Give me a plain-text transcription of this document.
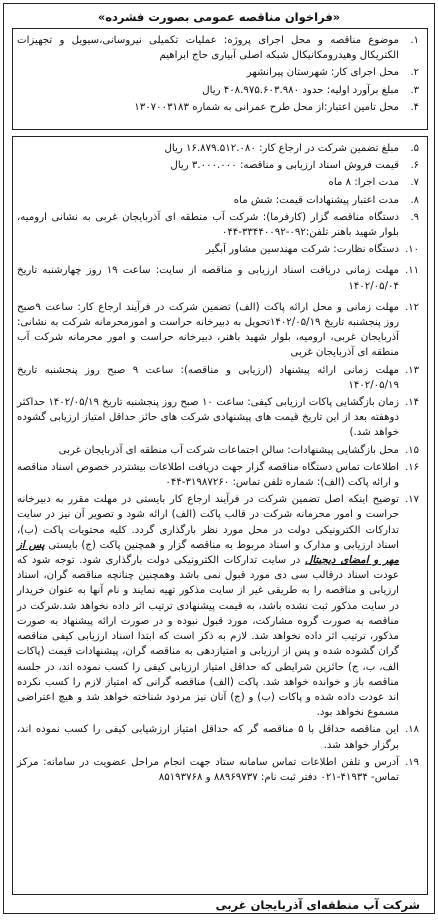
«فراخوان مناقصه عمومی بصورت فشرده»
۱.
موضوع مناقصه و محل اجرای پروژه: عملیات تکمیلی نیروسانی،سیویل و تجهیزات الکتریکال وهیدرومکانیکال شبکه اصلی آبیاری حاج ابراهیم
۲.
محل اجرای کار: شهرستان پیرانشهر
۳.
مبلغ برآورد اولیه: حدود ۴۰۸.۹۷۵.۶۰۳.۹۸۰ ریال
۴.
محل تامین اعتبار:از محل طرح عمرانی به شماره ۱۳۰۷۰۰۳۱۸۳
۵.
مبلغ تضمین شرکت در ارجاع کار: ۱۶.۸۷۹.۵۱۲.۰۸۰ ریال
۶.
قیمت فروش اسناد ارزیابی و مناقصه: ۳.۰۰۰.۰۰۰ ریال
۷.
مدت اجرا: ۸ ماه
۸.
مدت اعتبار پیشنهادات قیمت: شش ماه
۹.
دستگاه مناقصه گزار (کارفرما): شرکت آب منطقه ای آذربایجان غربی به نشانی ارومیه، بلوار شهید باهنر تلفن:۰۹۲-۳۳۴۴۰۰۹۲-۰۴۴
۱۰.
دستگاه نظارت: شرکت مهندسین مشاور آبگیر
۱۱.
مهلت زمانی دریافت اسناد ارزیابی و مناقصه از سایت: ساعت ۱۹ روز چهارشنبه تاریخ ۱۴۰۲/۰۵/۰۴
۱۲.
مهلت زمانی و محل ارائه پاکت (الف) تضمین شرکت در فرآیند ارجاع کار: ساعت ۹صبح روز پنجشنبه تاریخ ۱۴۰۲/۰۵/۱۹تحویل به دبیرخانه حراست و امورمحرمانه شرکت به نشانی: آذربایجان غربی، ارومیه، بلوار شهید باهنر، دبیرخانه حراست و امور محرمانه شرکت آب منطقه ای آذربایجان غربی
۱۳.
مهلت زمانی ارائه پیشنهاد (ارزیابی و مناقصه): ساعت ۹ صبح روز پنجشنبه تاریخ ۱۴۰۲/۰۵/۱۹
۱۴.
زمان بازگشایی پاکات ارزیابی کیفی: ساعت ۱۰ صبح روز پنجشنبه تاریخ ۱۴۰۲/۰۵/۱۹ حداکثر دوهفته بعد از این تاریخ قیمت های پیشنهادی شرکت های حائز حداقل امتیاز ارزیابی گشوده خواهد شد.)
۱۵.
محل بازگشایی پیشنهادات: سالن اجتماعات شرکت آب منطقه ای آذربایجان غربی
۱۶.
اطلاعات تماس دستگاه مناقصه گزار جهت دریافت اطلاعات بیشتردر خصوص اسناد مناقصه و ارائه پاکت (الف): شماره تلفن تماس: ۳۱۹۸۷۲۶۰-۰۴۴
۱۷.
توضیح اینکه اصل تضمین شرکت در فرآیند ارجاع کار بایستی در مهلت مقرر به دبیرخانه حراست و امور محرمانه شرکت در قالب پاکت (الف) ارائه شود و تصویر آن نیز در سایت تدارکات الکترونیکی دولت در محل مورد نظر بارگذاری گردد. کلیه محتویات پاکت (ب)، اسناد ارزیابی و مدارک و اسناد مربوط به مناقصه گزار و همچنین پاکت (ج) بایستی پس از مهر و امضای دیجیتال در سایت تدارکات الکترونیکی دولت بارگذاری شود. توجه شود که عودت اسناد درقالب سی دی مورد قبول نمی باشد وهمچنین چنانچه مناقصه گران، اسناد ارزیابی و مناقصه را به طریقی غیر از سایت مذکور تهیه نمایند و نام آنها به عنوان خریدار در سایت مذکور ثبت نشده باشد، به قیمت پیشنهادی ترتیب اثر داده نخواهد شد.شرکت در مناقصه به صورت گروه مشارکت، مورد قبول نبوده و در صورت ارائه پیشنهاد به صورت مذکور، ترتیب اثر داده نخواهد شد. لازم به ذکر است که ابتدا اسناد ارزیابی کیفی مناقصه گران گشوده شده و پس از ارزیابی و امتیازدهی به مناقصه گران، پیشنهادات قیمت (پاکات الف، ب، ج) حائزین شرایطی که حداقل امتیاز ارزیابی کیفی را کسب نموده اند، در جلسه مناقصه باز و خوانده خواهد شد. پاکت (الف) مناقصه گرانی که امتیاز لازم را کسب نکرده اند عودت داده شده و پاکات (ب) و (ج) آنان نیز مردود شناخته خواهد شد و هیچ اعتراضی مسموع نخواهد بود.
۱۸.
این مناقصه حداقل با ۵ مناقصه گر که حداقل امتیاز ارزشیابی کیفی را کسب نموده اند، برگزار خواهد شد.
۱۹.
آدرس و تلفن اطلاعات تماس سامانه ستاد جهت انجام مراحل عضویت در سامانه: مرکز تماس- ۴۱۹۳۴-۰۲۱ دفتر ثبت نام: ۸۸۹۶۹۷۳۷ و ۸۵۱۹۳۷۶۸
شرکت آب منطقه‌ای آذربایجان غربی
